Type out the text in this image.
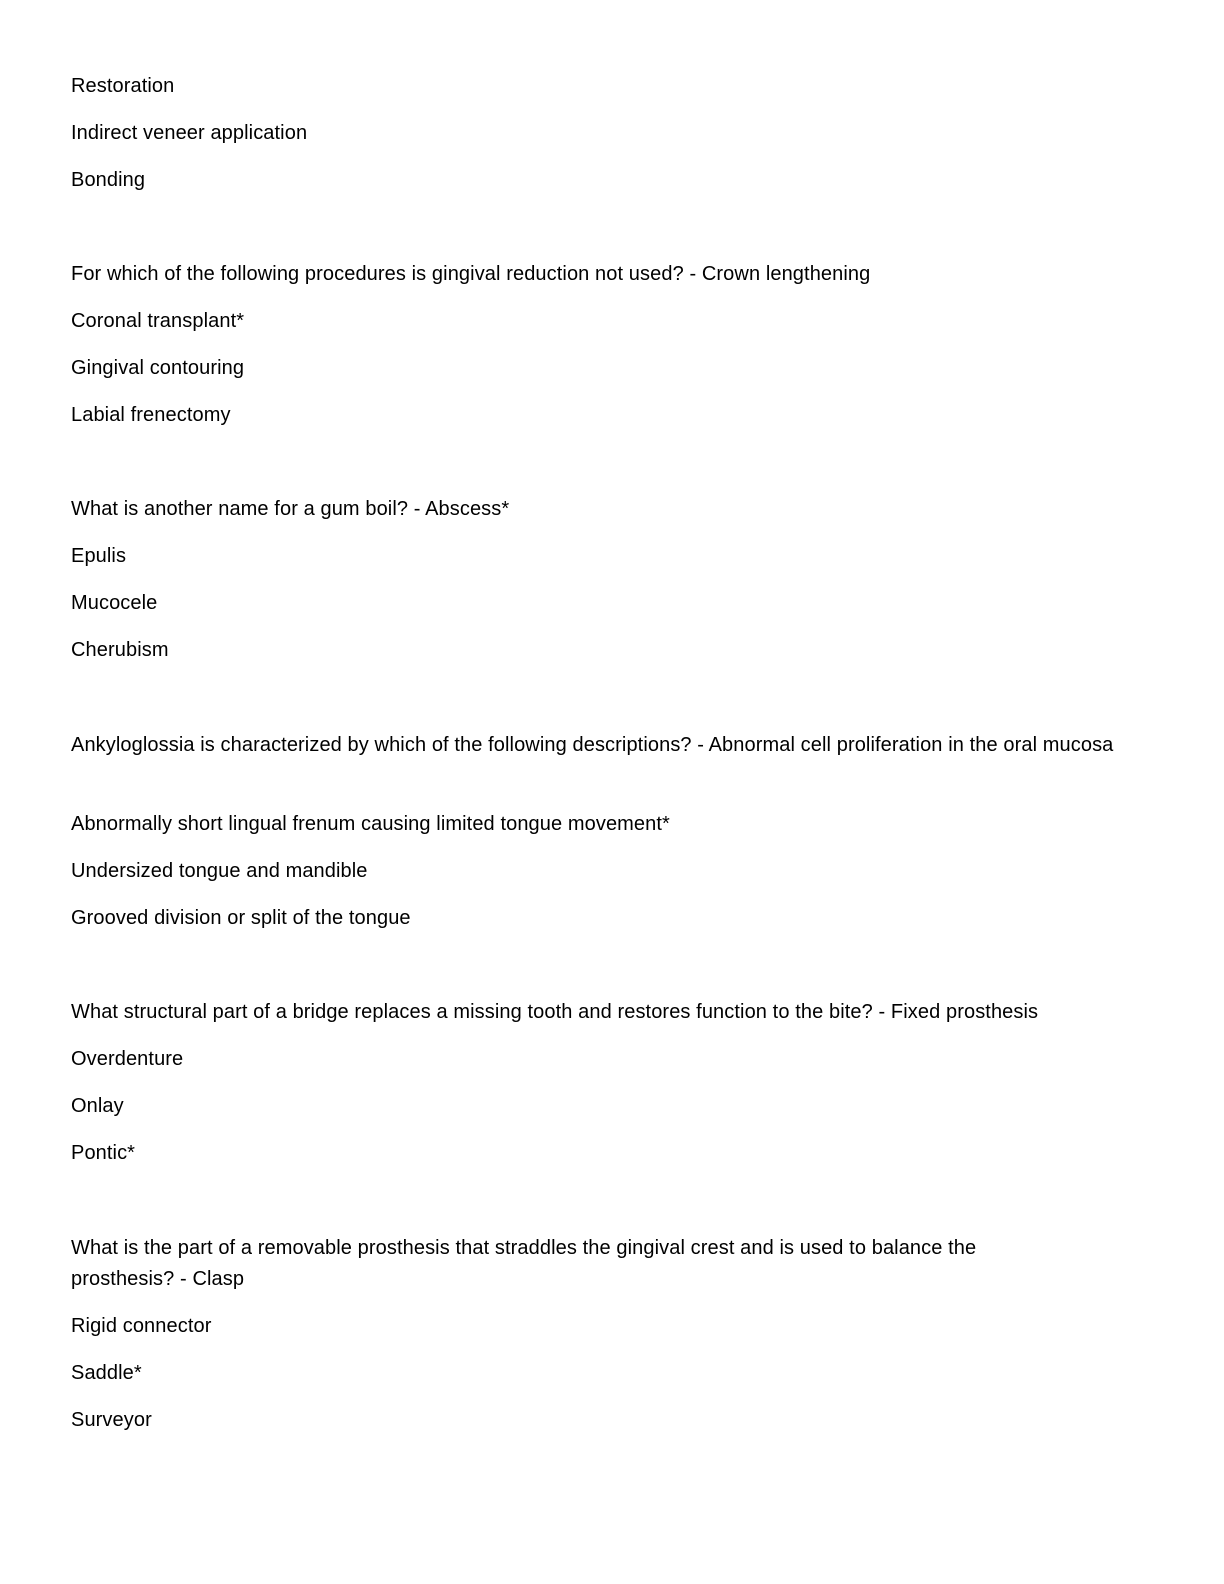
Restoration
Indirect veneer application
Bonding
For which of the following procedures is gingival reduction not used? - Crown lengthening
Coronal transplant*
Gingival contouring
Labial frenectomy
What is another name for a gum boil? - Abscess*
Epulis
Mucocele
Cherubism
Ankyloglossia is characterized by which of the following descriptions? - Abnormal cell proliferation in the oral mucosa
Abnormally short lingual frenum causing limited tongue movement*
Undersized tongue and mandible
Grooved division or split of the tongue
What structural part of a bridge replaces a missing tooth and restores function to the bite? - Fixed prosthesis
Overdenture
Onlay
Pontic*
What is the part of a removable prosthesis that straddles the gingival crest and is used to balance the prosthesis? - Clasp
Rigid connector
Saddle*
Surveyor
